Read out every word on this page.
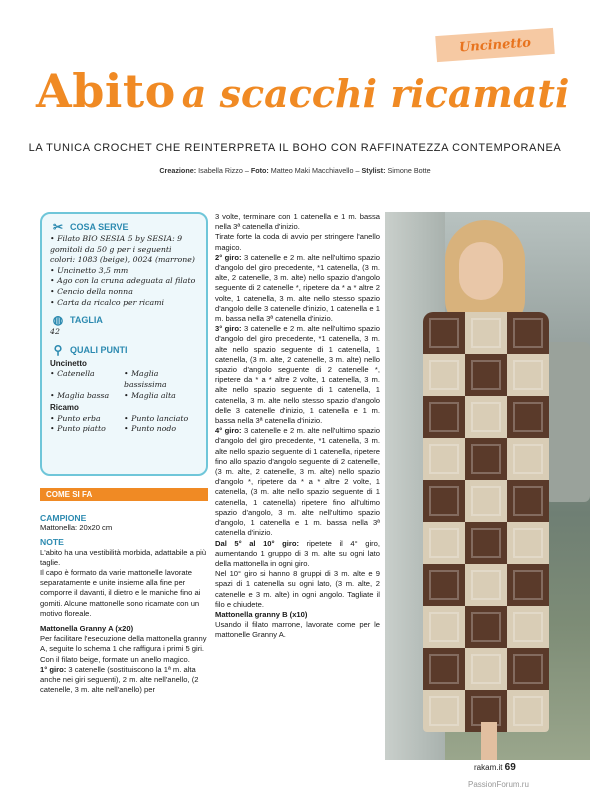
Uncinetto
Abito a scacchi ricamati
LA TUNICA CROCHET CHE REINTERPRETA IL BOHO CON RAFFINATEZZA CONTEMPORANEA
Creazione: Isabella Rizzo – Foto: Matteo Maki Macchiavello – Stylist: Simone Botte
✂ COSA SERVE
• Filato BIO SESIA 5 by SESIA: 9 gomitoli da 50 g per i seguenti colori: 1083 (beige), 0024 (marrone)
• Uncinetto 3,5 mm
• Ago con la cruna adeguata al filato
• Cencio della nonna
• Carta da ricalco per ricami
◍ TAGLIA
42
⚲ QUALI PUNTI
Uncinetto
• Catenella	• Maglia bassissima
• Maglia bassa	• Maglia alta
Ricamo
• Punto erba	• Punto lanciato
• Punto piatto	• Punto nodo
COME SI FA
CAMPIONE

Mattonella: 20x20 cm

NOTE

L'abito ha una vestibilità morbida, adattabile a più taglie.

Il capo è formato da varie mattonelle lavorate separatamente e unite insieme alla fine per comporre il davanti, il dietro e le maniche fino ai gomiti. Alcune mattonelle sono ricamate con un motivo floreale.

Mattonella Granny A (x20)

Per facilitare l'esecuzione della mattonella granny A, seguite lo schema 1 che raffigura i primi 5 giri.

Con il filato beige, formate un anello magico.

1° giro: 3 catenelle (sostituiscono la 1ª m. alta anche nei giri seguenti), 2 m. alte nell'anello, (2 catenelle, 3 m. alte nell'anello) per

3 volte, terminare con 1 catenella e 1 m. bassa nella 3ª catenella d'inizio.

Tirate forte la coda di avvio per stringere l'anello magico.

2° giro: 3 catenelle e 2 m. alte nell'ultimo spazio d'angolo del giro precedente, *1 catenella, (3 m. alte, 2 catenelle, 3 m. alte) nello spazio d'angolo seguente di 2 catenelle *, ripetere da * a * altre 2 volte, 1 catenella, 3 m. alte nello stesso spazio d'angolo delle 3 catenelle d'inizio, 1 catenella e 1 m. bassa nella 3ª catenella d'inizio.

3° giro: 3 catenelle e 2 m. alte nell'ultimo spazio d'angolo del giro precedente, *1 catenella, 3 m. alte nello spazio seguente di 1 catenella, 1 catenella, (3 m. alte, 2 catenelle, 3 m. alte) nello spazio d'angolo seguente di 2 catenelle *, ripetere da * a * altre 2 volte, 1 catenella, 3 m. alte nello spazio seguente di 1 catenella, 1 catenella, 3 m. alte nello stesso spazio d'angolo delle 3 catenelle d'inizio, 1 catenella e 1 m. bassa nella 3ª catenella d'inizio.

4° giro: 3 catenelle e 2 m. alte nell'ultimo spazio d'angolo del giro precedente, *1 catenella, 3 m. alte nello spazio seguente di 1 catenella, ripetere fino allo spazio d'angolo seguente di 2 catenelle, (3 m. alte, 2 catenelle, 3 m. alte) nello spazio d'angolo *, ripetere da * a * altre 2 volte, 1 catenella, (3 m. alte nello spazio seguente di 1 catenella, 1 catenella) ripetere fino all'ultimo spazio d'angolo, 3 m. alte nell'ultimo spazio d'angolo, 1 catenella e 1 m. bassa nella 3ª catenella d'inizio.

Dal 5° al 10° giro: ripetete il 4° giro, aumentando 1 gruppo di 3 m. alte su ogni lato della mattonella in ogni giro.

Nel 10° giro si hanno 8 gruppi di 3 m. alte e 9 spazi di 1 catenella su ogni lato, (3 m. alte, 2 catenelle e 3 m. alte) in ogni angolo. Tagliate il filo e chiudete.

Mattonella granny B (x10)

Usando il filato marrone, lavorate come per le mattonelle Granny A.

rakam.it 69
PassionForum.ru
